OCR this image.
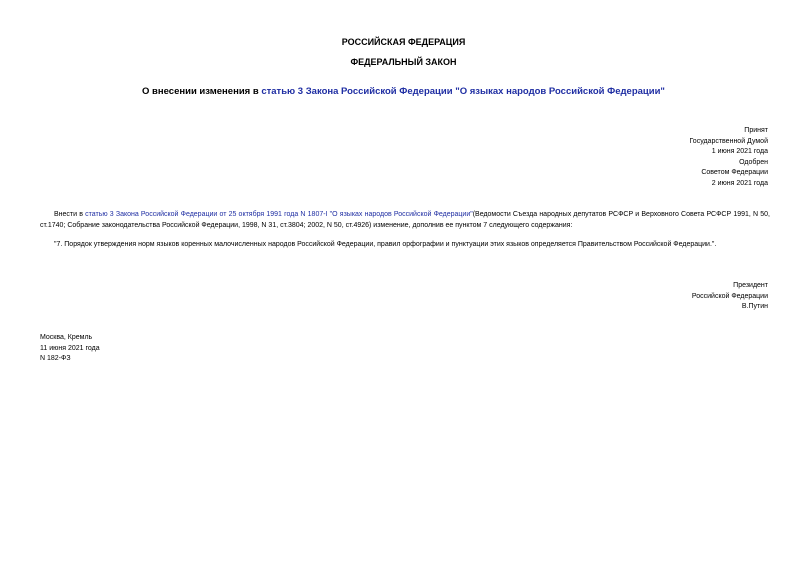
РОССИЙСКАЯ ФЕДЕРАЦИЯ
ФЕДЕРАЛЬНЫЙ ЗАКОН
О внесении изменения в статью 3 Закона Российской Федерации "О языках народов Российской Федерации"
Принят
Государственной Думой
1 июня 2021 года
Одобрен
Советом Федерации
2 июня 2021 года
Внести в статью 3 Закона Российской Федерации от 25 октября 1991 года N 1807-I "О языках народов Российской Федерации"(Ведомости Съезда народных депутатов РСФСР и Верховного Совета РСФСР 1991, N 50, ст.1740; Собрание законодательства Российской Федерации, 1998, N 31, ст.3804; 2002, N 50, ст.4926) изменение, дополнив ее пунктом 7 следующего содержания:
"7. Порядок утверждения норм языков коренных малочисленных народов Российской Федерации, правил орфографии и пунктуации этих языков определяется Правительством Российской Федерации.".
Президент
Российской Федерации
В.Путин
Москва, Кремль
11 июня 2021 года
N 182-ФЗ
